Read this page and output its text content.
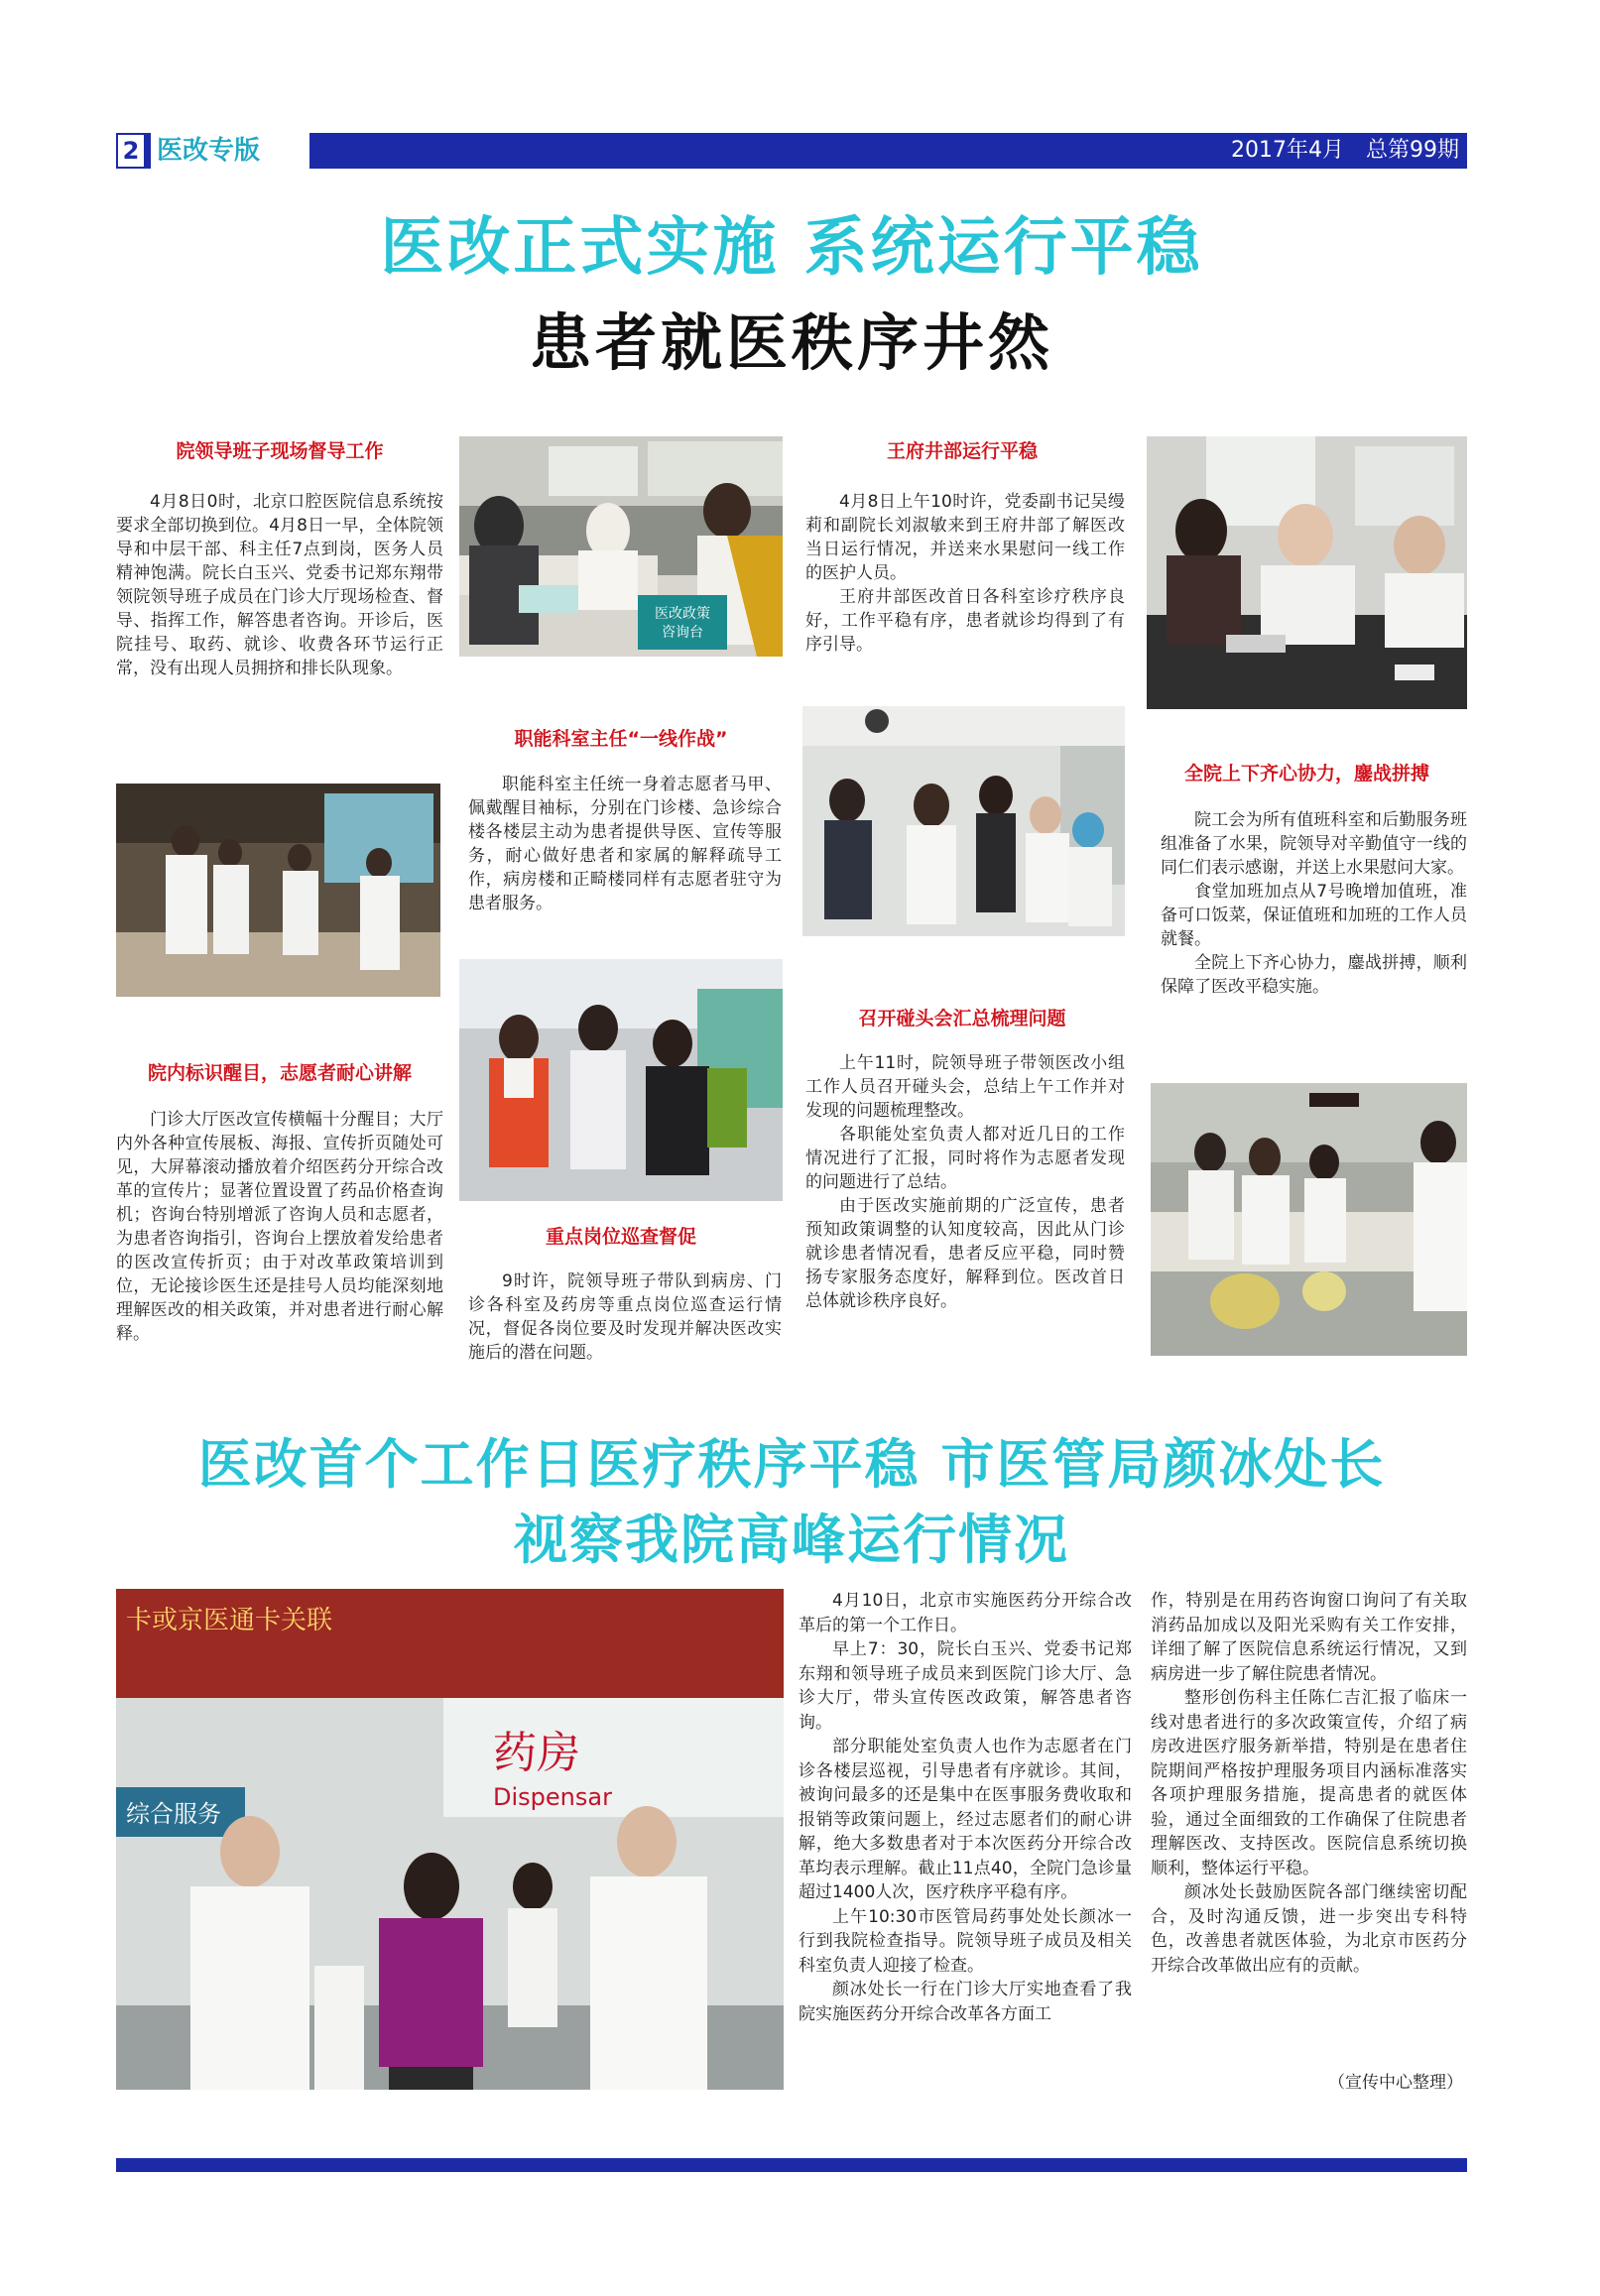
2 医改专版	2017年4月　总第99期
医改正式实施 系统运行平稳
患者就医秩序井然
院领导班子现场督导工作

4月8日0时，北京口腔医院信息系统按要求全部切换到位。4月8日一早，全体院领导和中层干部、科主任7点到岗，医务人员精神饱满。院长白玉兴、党委书记郑东翔带领院领导班子成员在门诊大厅现场检查、督导、指挥工作，解答患者咨询。开诊后，医院挂号、取药、就诊、收费各环节运行正常，没有出现人员拥挤和排长队现象。

医改政策
咨询台
职能科室主任“一线作战”

职能科室主任统一身着志愿者马甲、佩戴醒目袖标，分别在门诊楼、急诊综合楼各楼层主动为患者提供导医、宣传等服务，耐心做好患者和家属的解释疏导工作，病房楼和正畸楼同样有志愿者驻守为患者服务。

王府井部运行平稳

4月8日上午10时许，党委副书记吴缦莉和副院长刘淑敏来到王府井部了解医改当日运行情况，并送来水果慰问一线工作的医护人员。

王府井部医改首日各科室诊疗秩序良好，工作平稳有序，患者就诊均得到了有序引导。

院内标识醒目，志愿者耐心讲解

门诊大厅医改宣传横幅十分醒目；大厅内外各种宣传展板、海报、宣传折页随处可见，大屏幕滚动播放着介绍医药分开综合改革的宣传片；显著位置设置了药品价格查询机；咨询台特别增派了咨询人员和志愿者，为患者咨询指引，咨询台上摆放着发给患者的医改宣传折页；由于对改革政策培训到位，无论接诊医生还是挂号人员均能深刻地理解医改的相关政策，并对患者进行耐心解释。

重点岗位巡查督促

9时许，院领导班子带队到病房、门诊各科室及药房等重点岗位巡查运行情况，督促各岗位要及时发现并解决医改实施后的潜在问题。

召开碰头会汇总梳理问题

上午11时，院领导班子带领医改小组工作人员召开碰头会，总结上午工作并对发现的问题梳理整改。

各职能处室负责人都对近几日的工作情况进行了汇报，同时将作为志愿者发现的问题进行了总结。

由于医改实施前期的广泛宣传，患者预知政策调整的认知度较高，因此从门诊就诊患者情况看，患者反应平稳，同时赞扬专家服务态度好，解释到位。医改首日总体就诊秩序良好。

全院上下齐心协力，鏖战拼搏

院工会为所有值班科室和后勤服务班组准备了水果，院领导对辛勤值守一线的同仁们表示感谢，并送上水果慰问大家。

食堂加班加点从7号晚增加值班，准备可口饭菜，保证值班和加班的工作人员就餐。

全院上下齐心协力，鏖战拼搏，顺利保障了医改平稳实施。

医改首个工作日医疗秩序平稳 市医管局颜冰处长
视察我院高峰运行情况
卡或京医通卡关联
药房
Dispensar
综合服务

4月10日，北京市实施医药分开综合改革后的第一个工作日。

早上7：30，院长白玉兴、党委书记郑东翔和领导班子成员来到医院门诊大厅、急诊大厅，带头宣传医改政策，解答患者咨询。

部分职能处室负责人也作为志愿者在门诊各楼层巡视，引导患者有序就诊。其间，被询问最多的还是集中在医事服务费收取和报销等政策问题上，经过志愿者们的耐心讲解，绝大多数患者对于本次医药分开综合改革均表示理解。截止11点40，全院门急诊量超过1400人次，医疗秩序平稳有序。

上午10:30市医管局药事处处长颜冰一行到我院检查指导。院领导班子成员及相关科室负责人迎接了检查。

颜冰处长一行在门诊大厅实地查看了我院实施医药分开综合改革各方面工

作，特别是在用药咨询窗口询问了有关取消药品加成以及阳光采购有关工作安排，详细了解了医院信息系统运行情况，又到病房进一步了解住院患者情况。

整形创伤科主任陈仁吉汇报了临床一线对患者进行的多次政策宣传，介绍了病房改进医疗服务新举措，特别是在患者住院期间严格按护理服务项目内涵标准落实各项护理服务措施，提高患者的就医体验，通过全面细致的工作确保了住院患者理解医改、支持医改。医院信息系统切换顺利，整体运行平稳。

颜冰处长鼓励医院各部门继续密切配合，及时沟通反馈，进一步突出专科特色，改善患者就医体验，为北京市医药分开综合改革做出应有的贡献。

（宣传中心整理）
